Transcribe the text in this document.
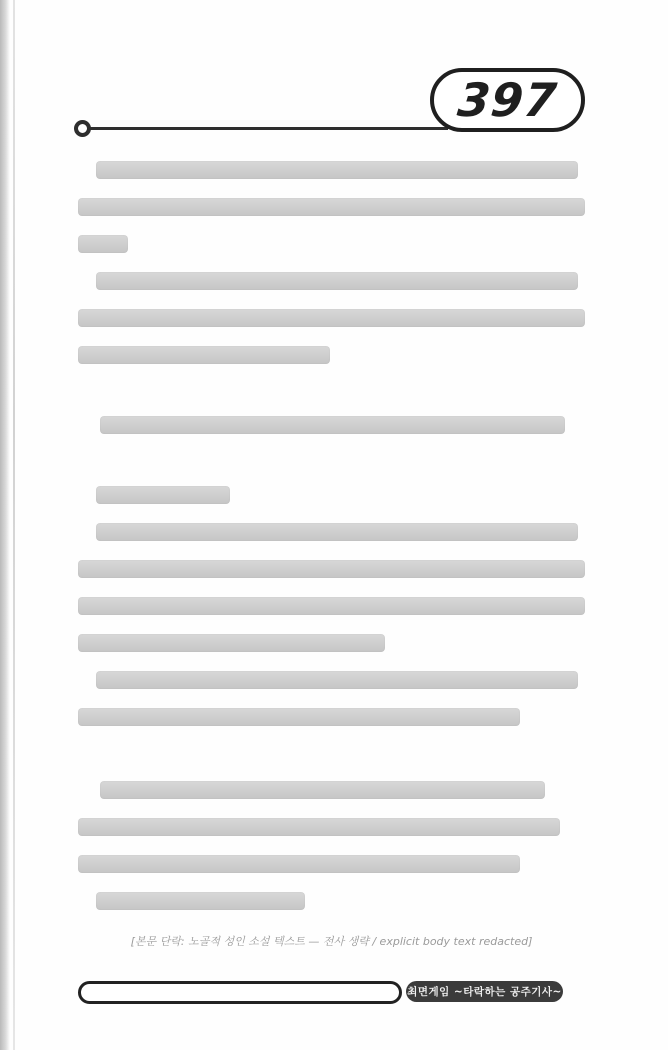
397
[본문 단락: 노골적 성인 소설 텍스트 — 전사 생략 / explicit body text redacted]
최면게임 ~타락하는 공주기사~
